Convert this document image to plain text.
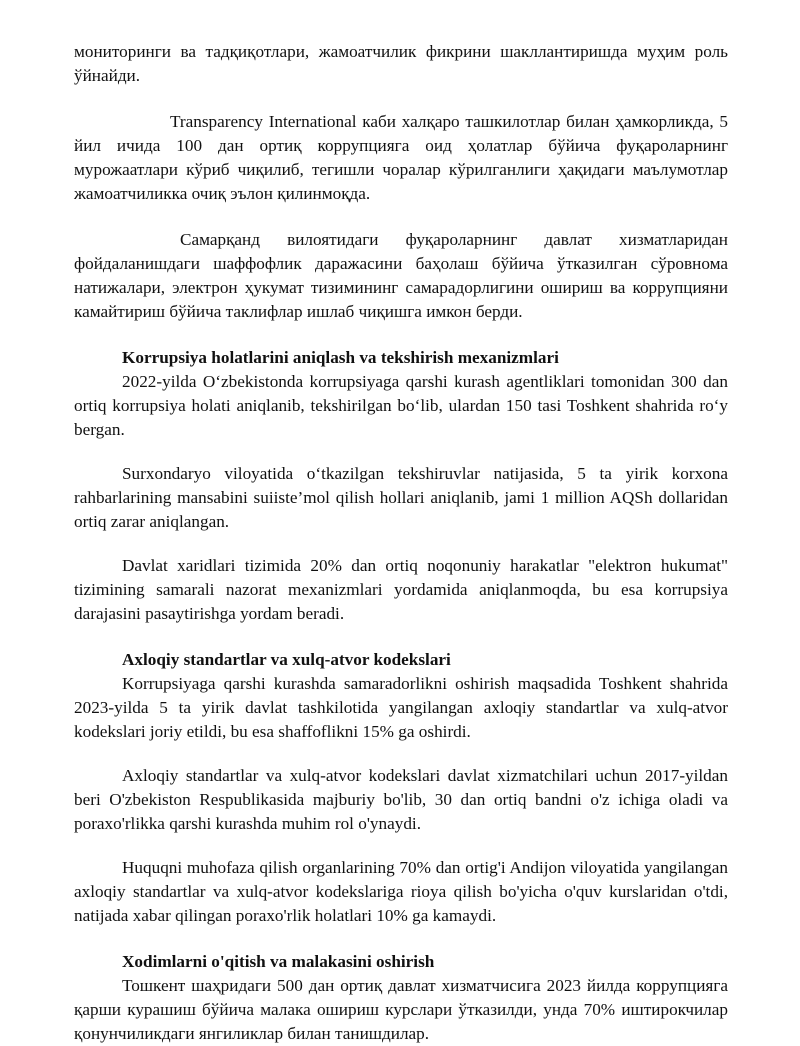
мониторинги ва тадқиқотлари, жамоатчилик фикрини шакллантиришда муҳим роль ўйнайди.

Transparency International каби халқаро ташкилотлар билан ҳамкорликда, 5 йил ичида 100 дан ортиқ коррупцияга оид ҳолатлар бўйича фуқароларнинг мурожаатлари кўриб чиқилиб, тегишли чоралар кўрилганлиги ҳақидаги маълумотлар жамоатчиликка очиқ эълон қилинмоқда.

Самарқанд вилоятидаги фуқароларнинг давлат хизматларидан фойдаланишдаги шаффофлик даражасини баҳолаш бўйича ўтказилган сўровнома натижалари, электрон ҳукумат тизимининг самарадорлигини ошириш ва коррупцияни камайтириш бўйича таклифлар ишлаб чиқишга имкон берди.

Korrupsiya holatlarini aniqlash va tekshirish mexanizmlari

2022-yilda O‘zbekistonda korrupsiyaga qarshi kurash agentliklari tomonidan 300 dan ortiq korrupsiya holati aniqlanib, tekshirilgan bo‘lib, ulardan 150 tasi Toshkent shahrida ro‘y bergan.

Surxondaryo viloyatida o‘tkazilgan tekshiruvlar natijasida, 5 ta yirik korxona rahbarlarining mansabini suiiste’mol qilish hollari aniqlanib, jami 1 million AQSh dollaridan ortiq zarar aniqlangan.

Davlat xaridlari tizimida 20% dan ortiq noqonuniy harakatlar "elektron hukumat" tizimining samarali nazorat mexanizmlari yordamida aniqlanmoqda, bu esa korrupsiya darajasini pasaytirishga yordam beradi.

Axloqiy standartlar va xulq-atvor kodekslari

Korrupsiyaga qarshi kurashda samaradorlikni oshirish maqsadida Toshkent shahrida 2023-yilda 5 ta yirik davlat tashkilotida yangilangan axloqiy standartlar va xulq-atvor kodekslari joriy etildi, bu esa shaffoflikni 15% ga oshirdi.

Axloqiy standartlar va xulq-atvor kodekslari davlat xizmatchilari uchun 2017-yildan beri O'zbekiston Respublikasida majburiy bo'lib, 30 dan ortiq bandni o'z ichiga oladi va poraxo'rlikka qarshi kurashda muhim rol o'ynaydi.

Huquqni muhofaza qilish organlarining 70% dan ortig'i Andijon viloyatida yangilangan axloqiy standartlar va xulq-atvor kodekslariga rioya qilish bo'yicha o'quv kurslaridan o'tdi, natijada xabar qilingan poraxo'rlik holatlari 10% ga kamaydi.

Xodimlarni o'qitish va malakasini oshirish

Тошкент шаҳридаги 500 дан ортиқ давлат хизматчисига 2023 йилда коррупцияга қарши курашиш бўйича малака ошириш курслари ўтказилди, унда 70% иштирокчилар қонунчиликдаги янгиликлар билан танишдилар.
